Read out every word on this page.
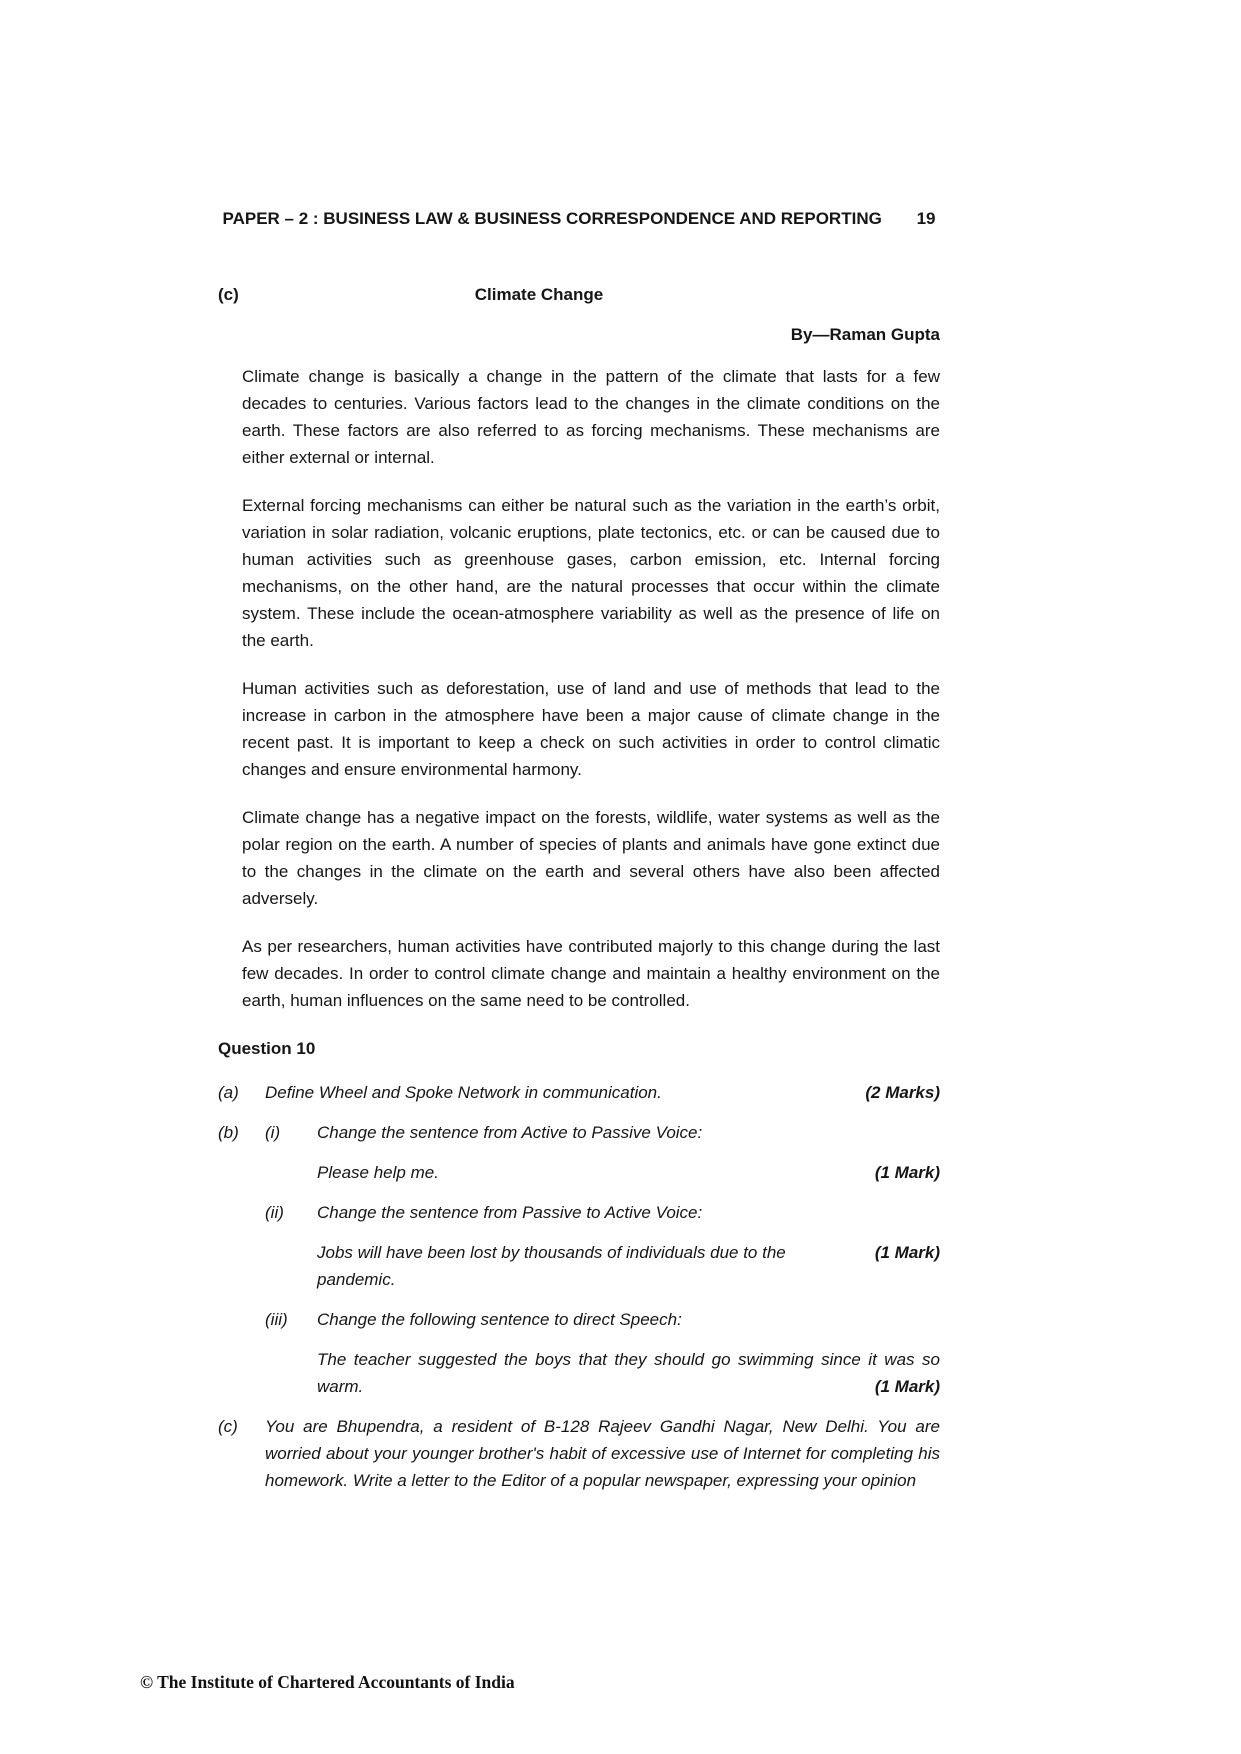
PAPER – 2 : BUSINESS LAW & BUSINESS CORRESPONDENCE AND REPORTING 19
(c)	Climate Change
By—Raman Gupta

Climate change is basically a change in the pattern of the climate that lasts for a few decades to centuries. Various factors lead to the changes in the climate conditions on the earth. These factors are also referred to as forcing mechanisms. These mechanisms are either external or internal.

External forcing mechanisms can either be natural such as the variation in the earth’s orbit, variation in solar radiation, volcanic eruptions, plate tectonics, etc. or can be caused due to human activities such as greenhouse gases, carbon emission, etc. Internal forcing mechanisms, on the other hand, are the natural processes that occur within the climate system. These include the ocean-atmosphere variability as well as the presence of life on the earth.

Human activities such as deforestation, use of land and use of methods that lead to the increase in carbon in the atmosphere have been a major cause of climate change in the recent past. It is important to keep a check on such activities in order to control climatic changes and ensure environmental harmony.

Climate change has a negative impact on the forests, wildlife, water systems as well as the polar region on the earth. A number of species of plants and animals have gone extinct due to the changes in the climate on the earth and several others have also been affected adversely.

As per researchers, human activities have contributed majorly to this change during the last few decades. In order to control climate change and maintain a healthy environment on the earth, human influences on the same need to be controlled.

Question 10
(a)	Define Wheel and Spoke Network in communication.	(2 Marks)
(b)	(i)	Change the sentence from Active to Passive Voice:
Please help me.	(1 Mark)
(ii)	Change the sentence from Passive to Active Voice:
Jobs will have been lost by thousands of individuals due to the pandemic.
(1 Mark)
(iii)	Change the following sentence to direct Speech:
The teacher suggested the boys that they should go swimming since it was so warm.	(1 Mark)
(c)	You are Bhupendra, a resident of B-128 Rajeev Gandhi Nagar, New Delhi. You are worried about your younger brother's habit of excessive use of Internet for completing his homework. Write a letter to the Editor of a popular newspaper, expressing your opinion
© The Institute of Chartered Accountants of India
